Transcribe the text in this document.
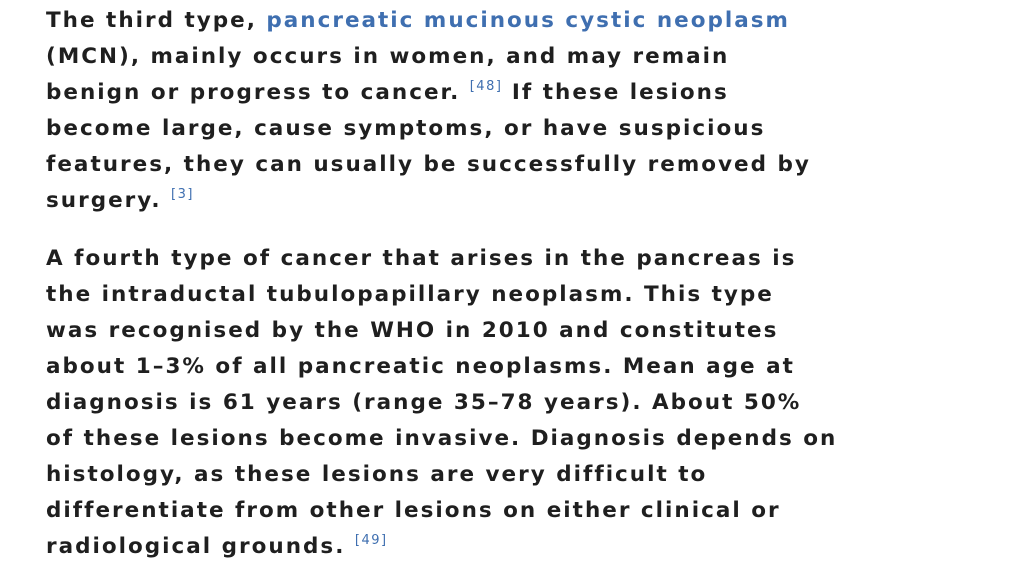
The third type, pancreatic mucinous cystic neoplasm
(MCN), mainly occurs in women, and may remain
benign or progress to cancer. [48] If these lesions
become large, cause symptoms, or have suspicious
features, they can usually be successfully removed by
surgery. [3]
A fourth type of cancer that arises in the pancreas is
the intraductal tubulopapillary neoplasm. This type
was recognised by the WHO in 2010 and constitutes
about 1–3% of all pancreatic neoplasms. Mean age at
diagnosis is 61 years (range 35–78 years). About 50%
of these lesions become invasive. Diagnosis depends on
histology, as these lesions are very difficult to
differentiate from other lesions on either clinical or
radiological grounds. [49]
